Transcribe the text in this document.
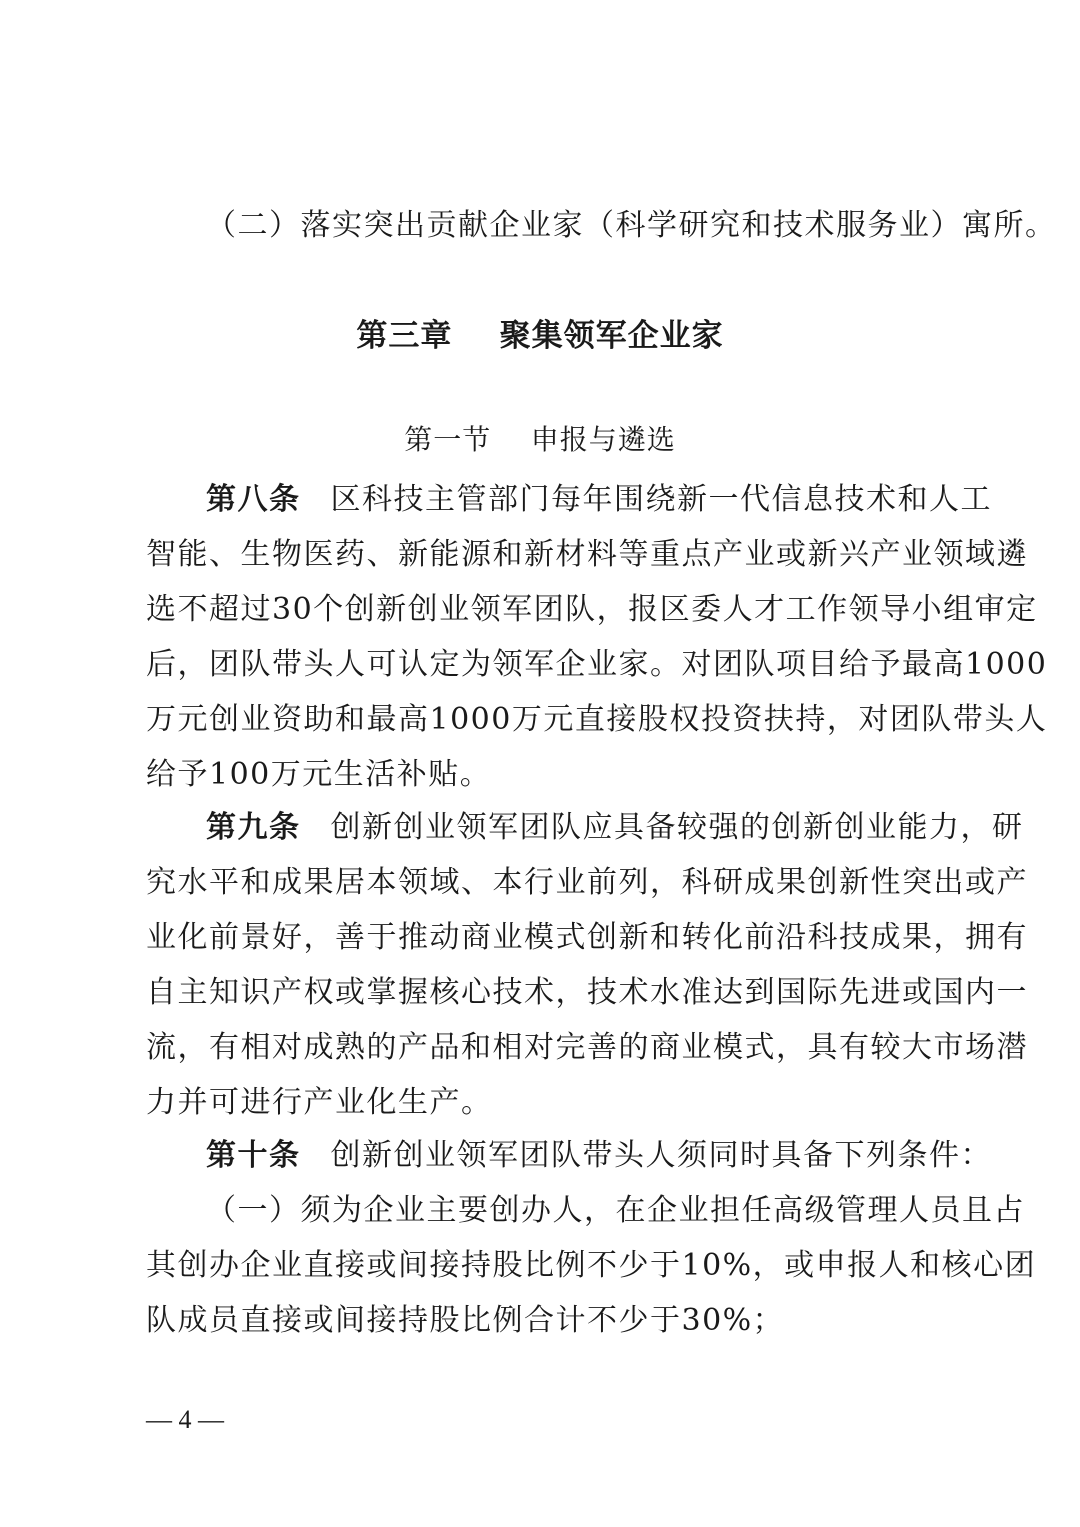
（二）落实突出贡献企业家（科学研究和技术服务业）寓所。
第三章    聚集领军企业家
第一节    申报与遴选
第八条 区科技主管部门每年围绕新一代信息技术和人工
智能、生物医药、新能源和新材料等重点产业或新兴产业领域遴
选不超过30个创新创业领军团队，报区委人才工作领导小组审定
后，团队带头人可认定为领军企业家。对团队项目给予最高1000
万元创业资助和最高1000万元直接股权投资扶持，对团队带头人
给予100万元生活补贴。
第九条 创新创业领军团队应具备较强的创新创业能力，研
究水平和成果居本领域、本行业前列，科研成果创新性突出或产
业化前景好，善于推动商业模式创新和转化前沿科技成果，拥有
自主知识产权或掌握核心技术，技术水准达到国际先进或国内一
流，有相对成熟的产品和相对完善的商业模式，具有较大市场潜
力并可进行产业化生产。
第十条 创新创业领军团队带头人须同时具备下列条件：
（一）须为企业主要创办人，在企业担任高级管理人员且占
其创办企业直接或间接持股比例不少于10%，或申报人和核心团
队成员直接或间接持股比例合计不少于30%；
— 4 —
